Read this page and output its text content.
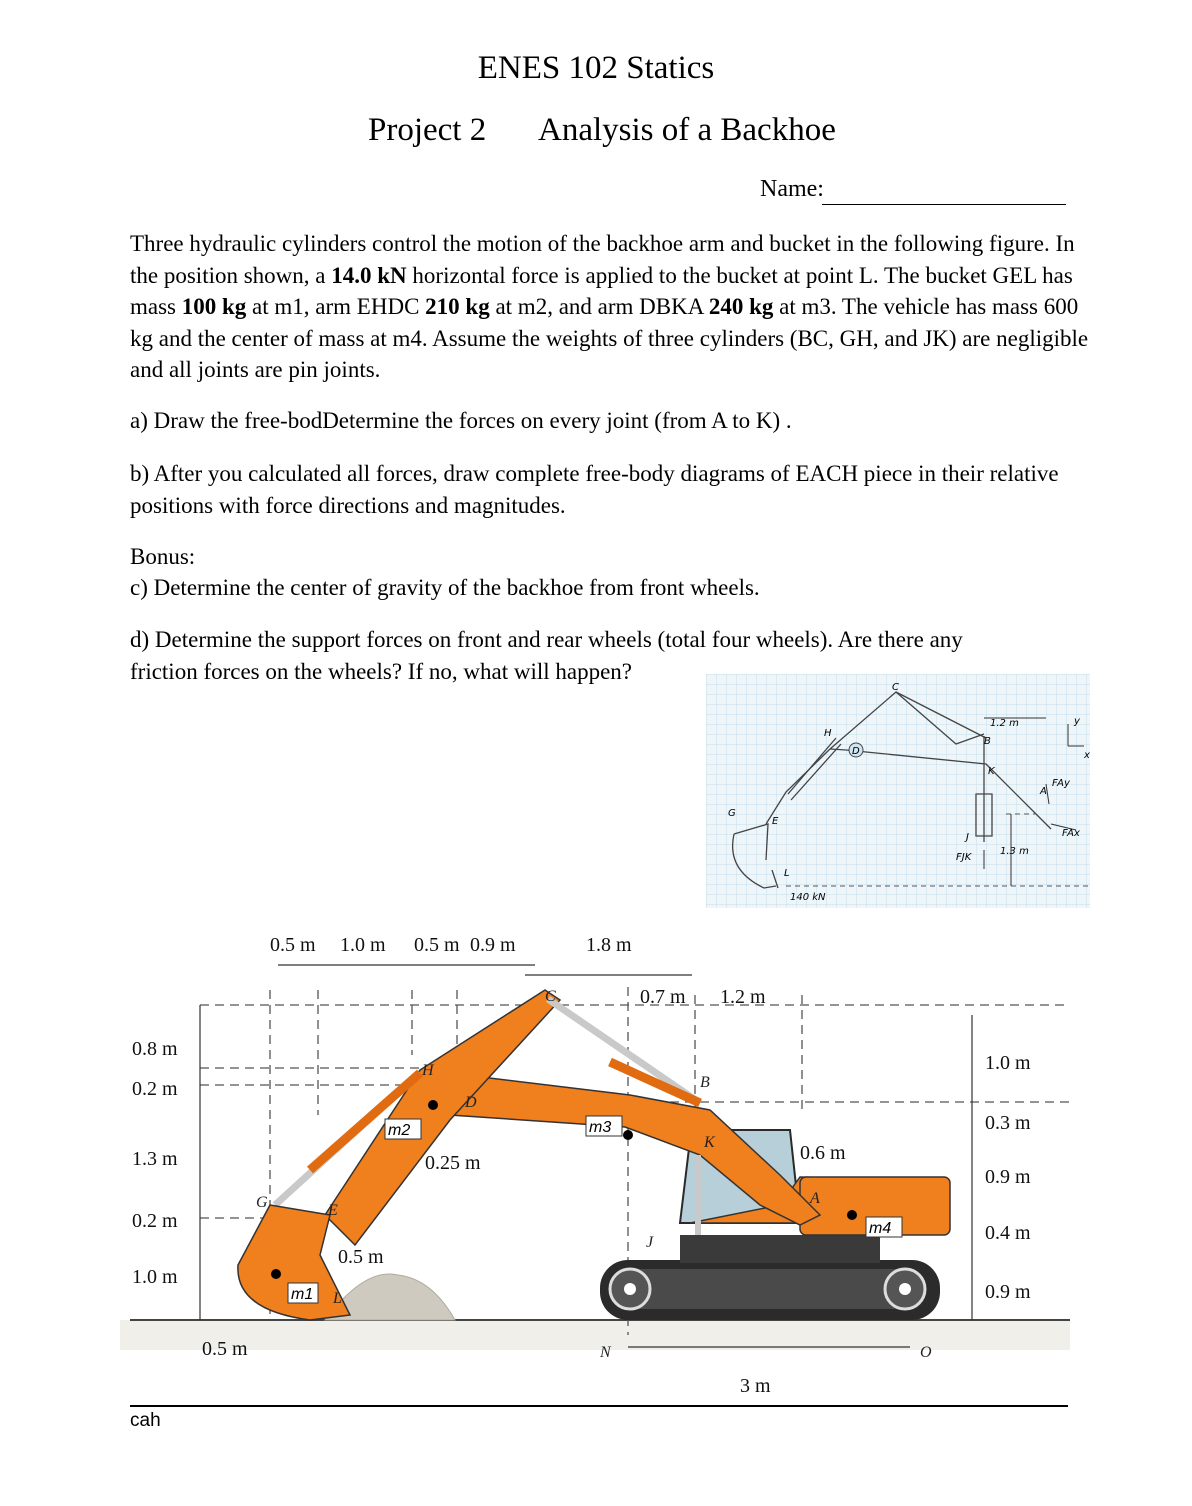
ENES 102 Statics
Project 2 Analysis of a Backhoe
Name:
Three hydraulic cylinders control the motion of the backhoe arm and bucket in the following figure. In the position shown, a 14.0 kN horizontal force is applied to the bucket at point L. The bucket GEL has mass 100 kg at m1, arm EHDC 210 kg at m2, and arm DBKA 240 kg at m3. The vehicle has mass 600 kg and the center of mass at m4. Assume the weights of three cylinders (BC, GH, and JK) are negligible and all joints are pin joints.
a) Draw the free-bodDetermine the forces on every joint (from A to K) .
b) After you calculated all forces, draw complete free-body diagrams of EACH piece in their relative positions with force directions and magnitudes.
Bonus:
c) Determine the center of gravity of the backhoe from front wheels.
d) Determine the support forces on front and rear wheels (total four wheels). Are there any friction forces on the wheels? If no, what will happen?
C
H
D
B
K
A
G
E
J
L
1.2 m
1.3 m
140 kN
y
x
FAy
FAx
FJK
m1
m2	m3
m4
C
H
D
B
K
A
G	E
J
L
N	O
0.5 m 1.0 m 0.5 m 0.9 m	1.8 m
0.7 m 1.2 m
0.8 m
0.2 m
1.3 m
0.2 m
1.0 m
1.0 m
0.3 m
0.9 m
0.4 m
0.9 m
0.5 m
0.25 m
0.5 m
0.6 m
3 m
cah
